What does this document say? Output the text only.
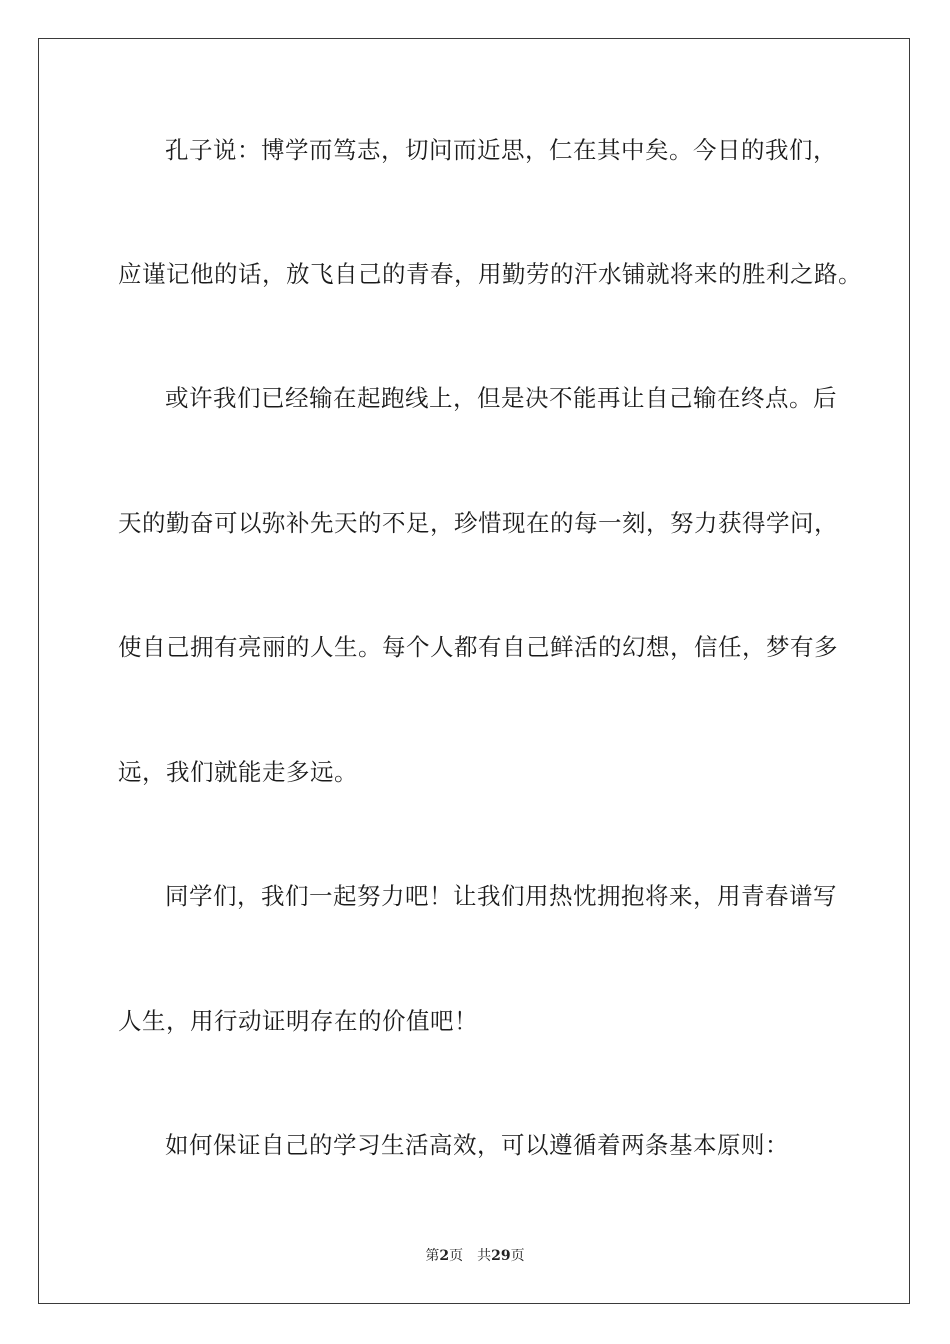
孔子说：博学而笃志，切问而近思，仁在其中矣。今日的我们，
应谨记他的话，放飞自己的青春，用勤劳的汗水铺就将来的胜利之路。
或许我们已经输在起跑线上，但是决不能再让自己输在终点。后
天的勤奋可以弥补先天的不足，珍惜现在的每一刻，努力获得学问，
使自己拥有亮丽的人生。每个人都有自己鲜活的幻想，信任，梦有多
远，我们就能走多远。
同学们，我们一起努力吧！让我们用热忱拥抱将来，用青春谱写
人生，用行动证明存在的价值吧！
如何保证自己的学习生活高效，可以遵循着两条基本原则：
第2页 共29页
